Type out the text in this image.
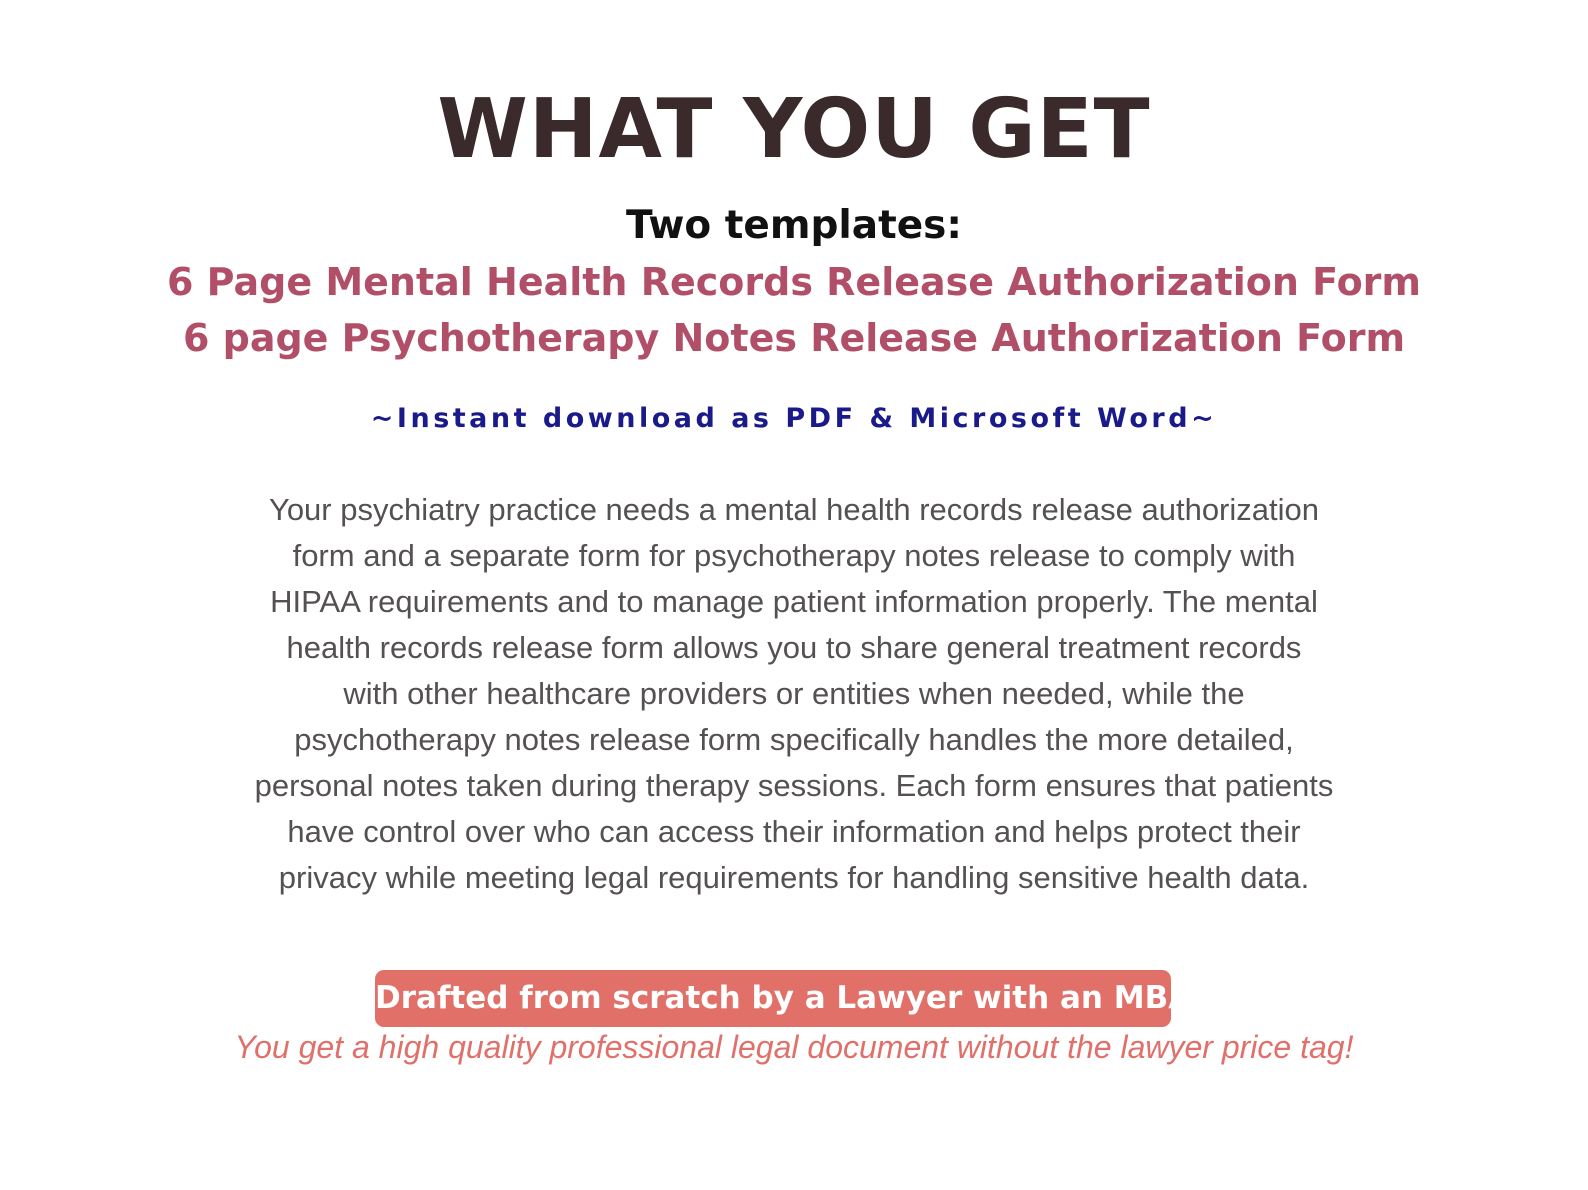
WHAT YOU GET
Two templates:
6 Page Mental Health Records Release Authorization Form
6 page Psychotherapy Notes Release Authorization Form

~Instant download as PDF & Microsoft Word~

Your psychiatry practice needs a mental health records release authorization
form and a separate form for psychotherapy notes release to comply with
HIPAA requirements and to manage patient information properly. The mental
health records release form allows you to share general treatment records
with other healthcare providers or entities when needed, while the
psychotherapy notes release form specifically handles the more detailed,
personal notes taken during therapy sessions. Each form ensures that patients
have control over who can access their information and helps protect their
privacy while meeting legal requirements for handling sensitive health data.

Drafted from scratch by a Lawyer with an MBA.

You get a high quality professional legal document without the lawyer price tag!
